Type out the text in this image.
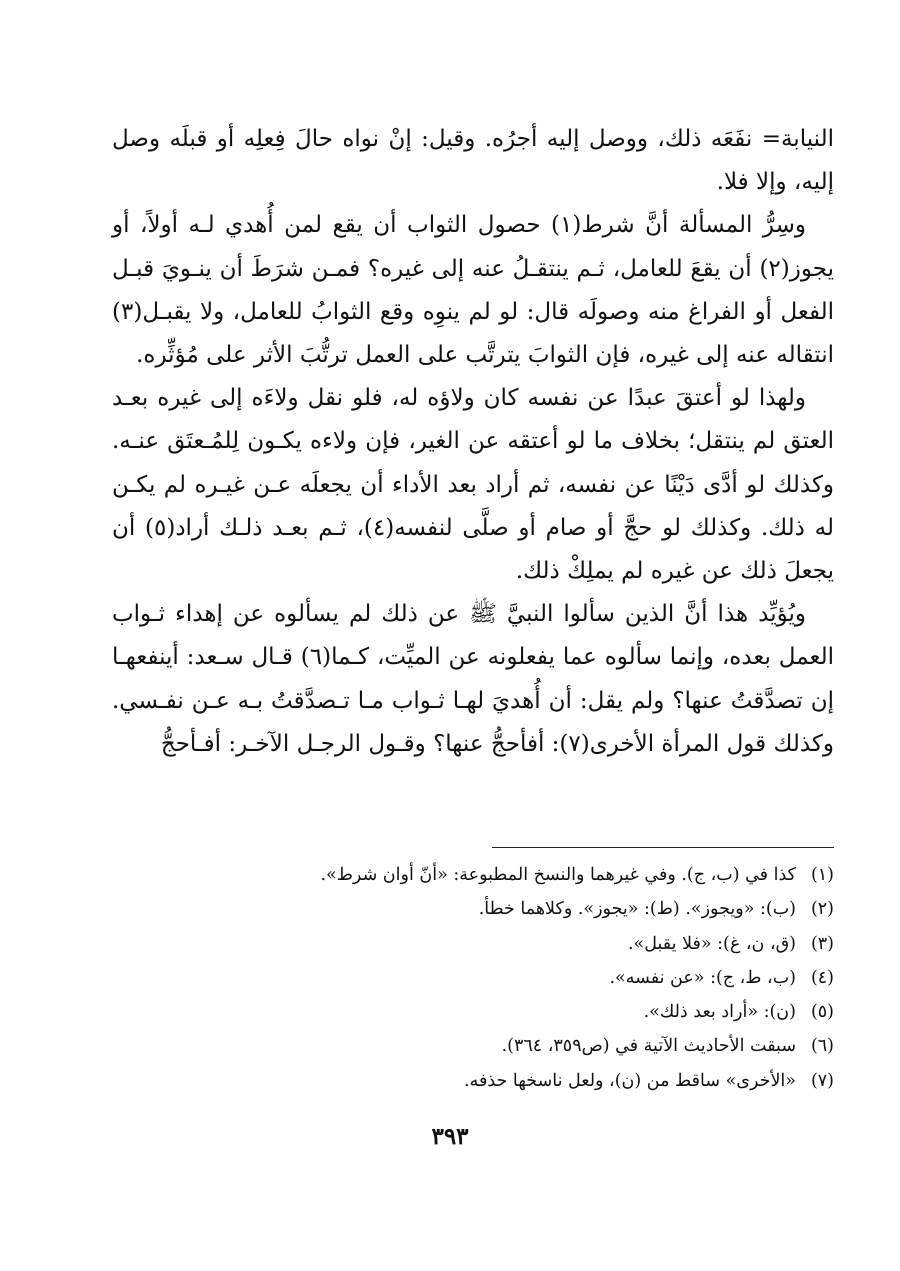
النيابة= نفَعَه ذلك، ووصل إليه أجرُه. وقيل: إنْ نواه حالَ فِعلِه أو قبلَه وصل إليه، وإلا فلا.

وسِرُّ المسألة أنَّ شرط(١) حصول الثواب أن يقع لمن أُهدي لـه أولاً، أو يجوز(٢) أن يقعَ للعامل، ثـم ينتقـلُ عنه إلى غيره؟ فمـن شرَطَ أن ينـويَ قبـل الفعل أو الفراغ منه وصولَه قال: لو لم ينوِه وقع الثوابُ للعامل، ولا يقبـل(٣) انتقاله عنه إلى غيره، فإن الثوابَ يترتَّب على العمل ترتُّبَ الأثر على مُؤثِّره.

ولهذا لو أعتقَ عبدًا عن نفسه كان ولاؤه له، فلو نقل ولاءَه إلى غيره بعـد العتق لم ينتقل؛ بخلاف ما لو أعتقه عن الغير، فإن ولاءه يكـون لِلمُـعتَق عنـه. وكذلك لو أدَّى دَيْنًا عن نفسه، ثم أراد بعد الأداء أن يجعلَه عـن غيـره لم يكـن له ذلك. وكذلك لو حجَّ أو صام أو صلَّى لنفسه(٤)، ثـم بعـد ذلـك أراد(٥) أن يجعلَ ذلك عن غيره لم يملِكْ ذلك.

ويُؤيِّد هذا أنَّ الذين سألوا النبيَّ ﷺ عن ذلك لم يسألوه عن إهداء ثـواب العمل بعده، وإنما سألوه عما يفعلونه عن الميِّت، كـما(٦) قـال سـعد: أينفعهـا إن تصدَّقتُ عنها؟ ولم يقل: أن أُهديَ لهـا ثـواب مـا تـصدَّقتُ بـه عـن نفـسي. وكذلك قول المرأة الأخرى(٧): أفأحجُّ عنها؟ وقـول الرجـل الآخـر: أفـأحجُّ

(١)كذا في (ب، ج). وفي غيرهما والنسخ المطبوعة: «أنّ أوان شرط».
(٢)(ب): «ويجوز». (ط): «يجوز». وكلاهما خطأ.
(٣)(ق، ن، غ): «فلا يقبل».
(٤)(ب، ط، ج): «عن نفسه».
(٥)(ن): «أراد بعد ذلك».
(٦)سبقت الأحاديث الآتية في (ص٣٥٩، ٣٦٤).
(٧)«الأخرى» ساقط من (ن)، ولعل ناسخها حذفه.
٣٩٣
